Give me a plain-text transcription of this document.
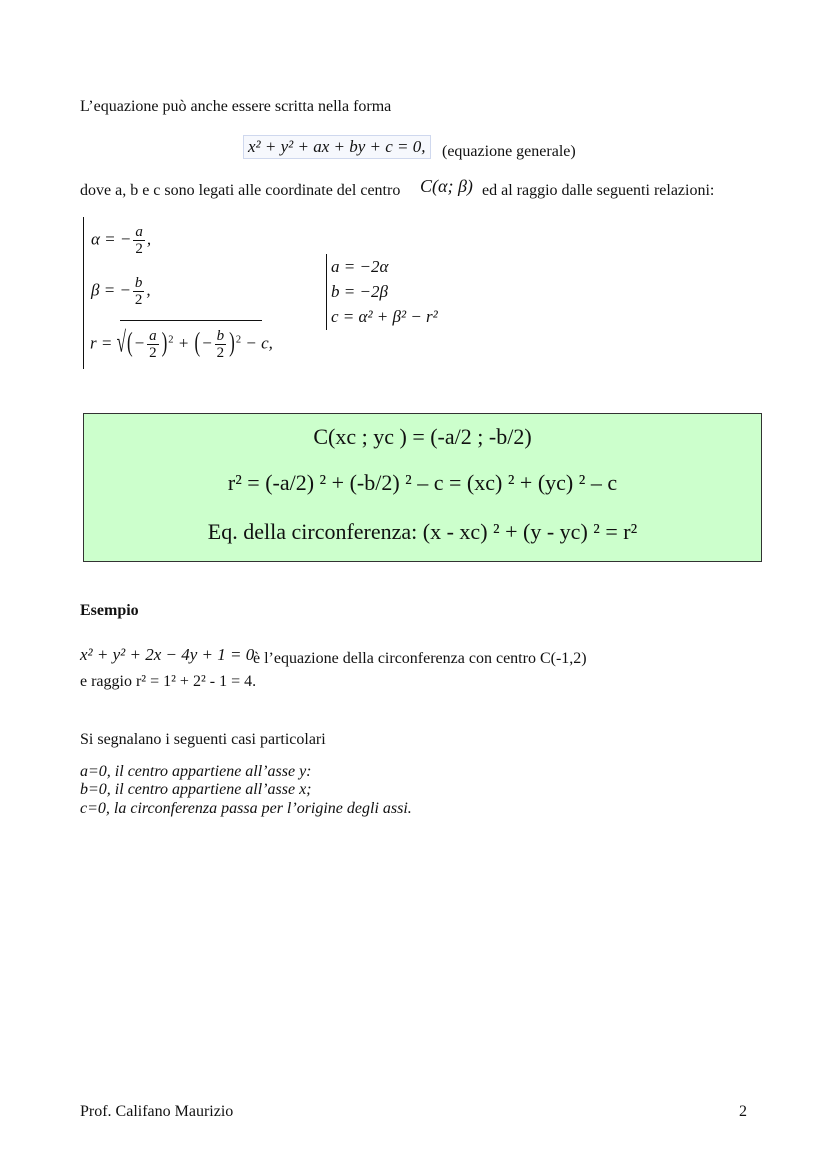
L’equazione può anche essere scritta nella forma
x² + y² + ax + by + c = 0,	(equazione generale)
dove a, b e c sono legati alle coordinate del centro C(α; β) ed al raggio dalle seguenti relazioni:
α = − $\frac{a}{2}$ ,
β = − $\frac{b}{2}$ ,
r = √(− $\frac{a}{2} )^2$ + (− $\frac{b}{2} )^2 - c$,
a = −2α
b = −2β
c = α² + β² − r²
C(xc ; yc ) = (-a/2 ; -b/2)
r² = (-a/2) ² + (-b/2) ² – c = (xc) ² + (yc) ² – c
Eq. della circonferenza: (x - xc) ² + (y - yc) ² = r²
Esempio
x² + y² + 2x − 4y + 1 = 0
è l’equazione della circonferenza con centro C(-1,2)
e raggio r² = 1² + 2² - 1 = 4.
Si segnalano i seguenti casi particolari
a=0, il centro appartiene all’asse y:
b=0, il centro appartiene all’asse x;
c=0, la circonferenza passa per l’origine degli assi.
Prof. Califano Maurizio	2
